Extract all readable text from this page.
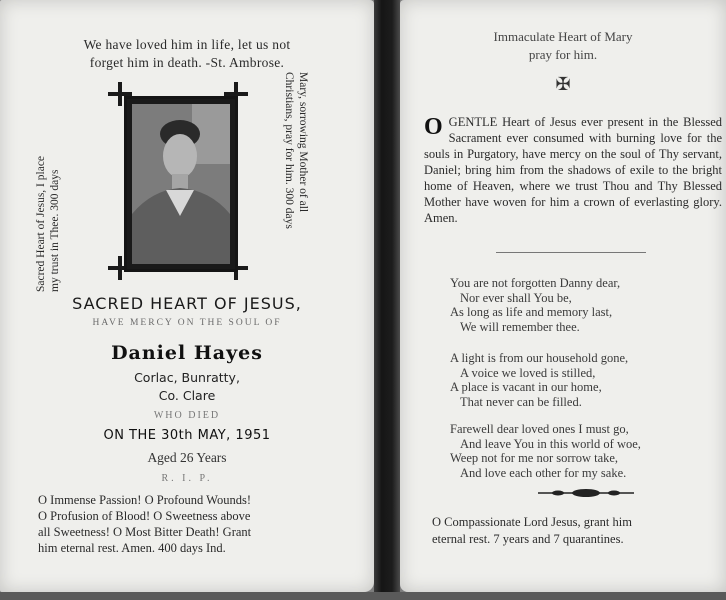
We have loved him in life, let us not
forget him in death. -St. Ambrose.

Sacred Heart of Jesus, I place my trust in Thee. 300 days
Mary, sorrowing Mother of all
Christians, pray for him. 300 days

SACRED HEART OF JESUS,

HAVE MERCY ON THE SOUL OF

Daniel Hayes

Corlac, Bunratty,

Co. Clare

WHO DIED

ON THE 30th MAY, 1951

Aged 26 Years

R. I. P.

O Immense Passion! O Profound Wounds!
O Profusion of Blood! O Sweetness above
all Sweetness! O Most Bitter Death! Grant
him eternal rest. Amen. 400 days Ind.

Immaculate Heart of Mary
pray for him.

✠

O GENTLE Heart of Jesus ever present in the Blessed Sacrament ever consumed with burning love for the souls in Purgatory, have mercy on the soul of Thy servant, Daniel; bring him from the shadows of exile to the bright home of Heaven, where we trust Thou and Thy Blessed Mother have woven for him a crown of everlasting glory. Amen.

You are not forgotten Danny dear,

Nor ever shall You be,

As long as life and memory last,

We will remember thee.

A light is from our household gone,

A voice we loved is stilled,

A place is vacant in our home,

That never can be filled.

Farewell dear loved ones I must go,

And leave You in this world of woe,

Weep not for me nor sorrow take,

And love each other for my sake.

O Compassionate Lord Jesus, grant him

eternal rest. 7 years and 7 quarantines.
